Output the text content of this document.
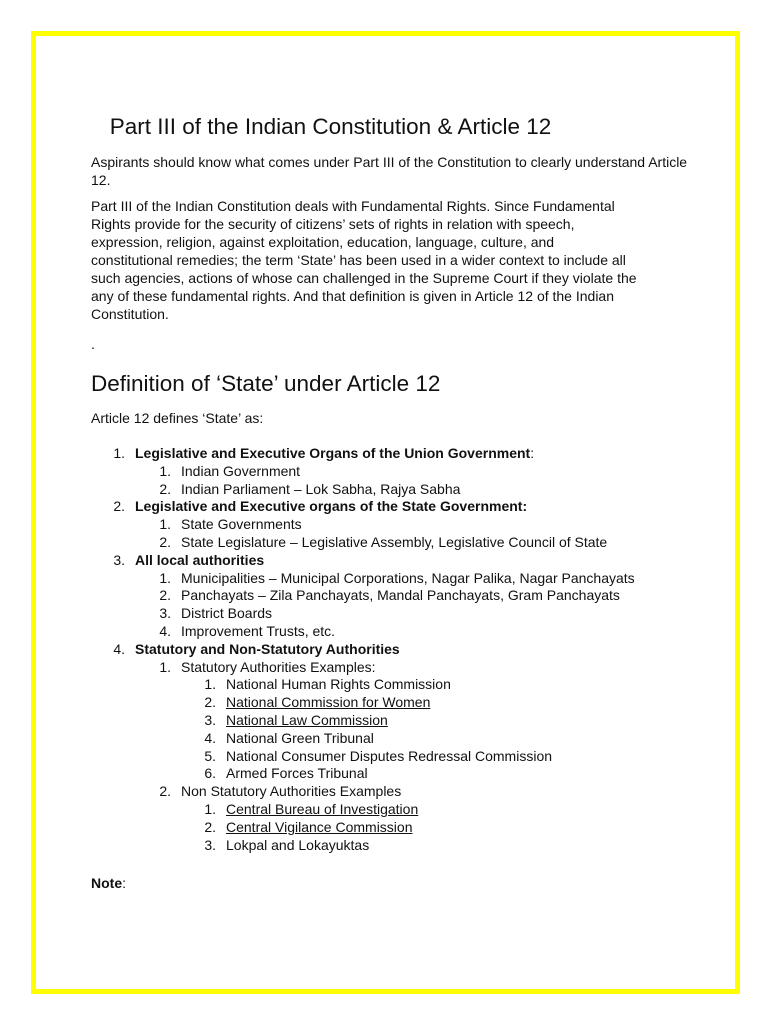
Part III of the Indian Constitution & Article 12

Aspirants should know what comes under Part III of the Constitution to clearly understand Article 12.

Part III of the Indian Constitution deals with Fundamental Rights. Since Fundamental
Rights provide for the security of citizens’ sets of rights in relation with speech,
expression, religion, against exploitation, education, language, culture, and
constitutional remedies; the term ‘State’ has been used in a wider context to include all
such agencies, actions of whose can challenged in the Supreme Court if they violate the
any of these fundamental rights. And that definition is given in Article 12 of the Indian
Constitution.
.
Definition of ‘State’ under Article 12
Article 12 defines ‘State’ as:
1. Legislative and Executive Organs of the Union Government:
1. Indian Government
2. Indian Parliament – Lok Sabha, Rajya Sabha
2. Legislative and Executive organs of the State Government:
1. State Governments
2. State Legislature – Legislative Assembly, Legislative Council of State
3. All local authorities
1. Municipalities – Municipal Corporations, Nagar Palika, Nagar Panchayats
2. Panchayats – Zila Panchayats, Mandal Panchayats, Gram Panchayats
3. District Boards
4. Improvement Trusts, etc.
4. Statutory and Non-Statutory Authorities
1. Statutory Authorities Examples:
1. National Human Rights Commission
2. National Commission for Women
3. National Law Commission
4. National Green Tribunal
5. National Consumer Disputes Redressal Commission
6. Armed Forces Tribunal
2. Non Statutory Authorities Examples
1. Central Bureau of Investigation
2. Central Vigilance Commission
3. Lokpal and Lokayuktas
Note:
